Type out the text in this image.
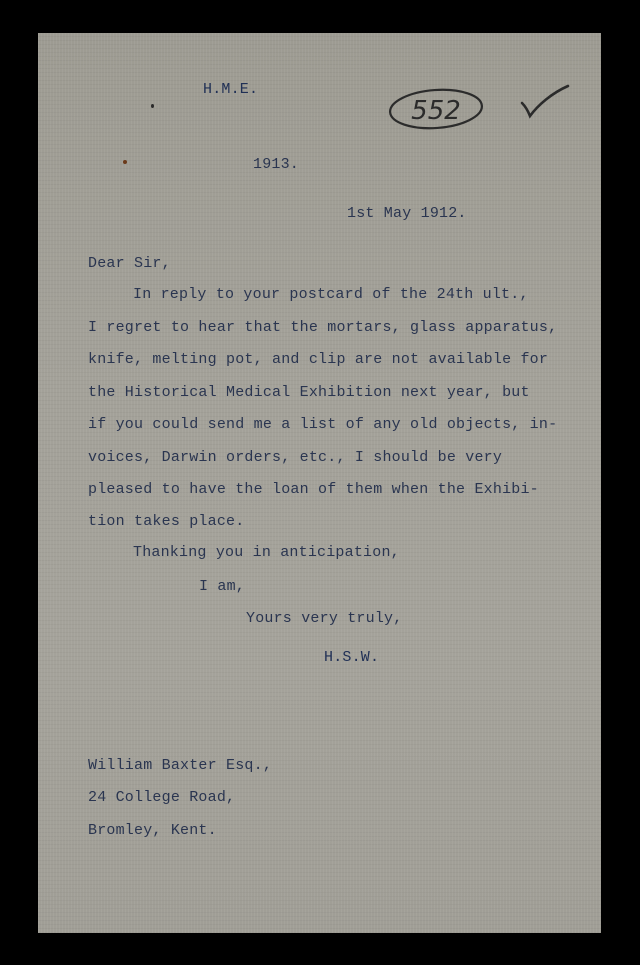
H.M.E.
552
1913.
1st May 1912.
Dear Sir,
In reply to your postcard of the 24th ult.,
I regret to hear that the mortars, glass apparatus,
knife, melting pot, and clip are not available for
the Historical Medical Exhibition next year, but
if you could send me a list of any old objects, in-
voices, Darwin orders, etc., I should be very
pleased to have the loan of them when the Exhibi-
tion takes place.
Thanking you in anticipation,
I am,
Yours very truly,
H.S.W.
William Baxter Esq.,
24 College Road,
Bromley, Kent.
